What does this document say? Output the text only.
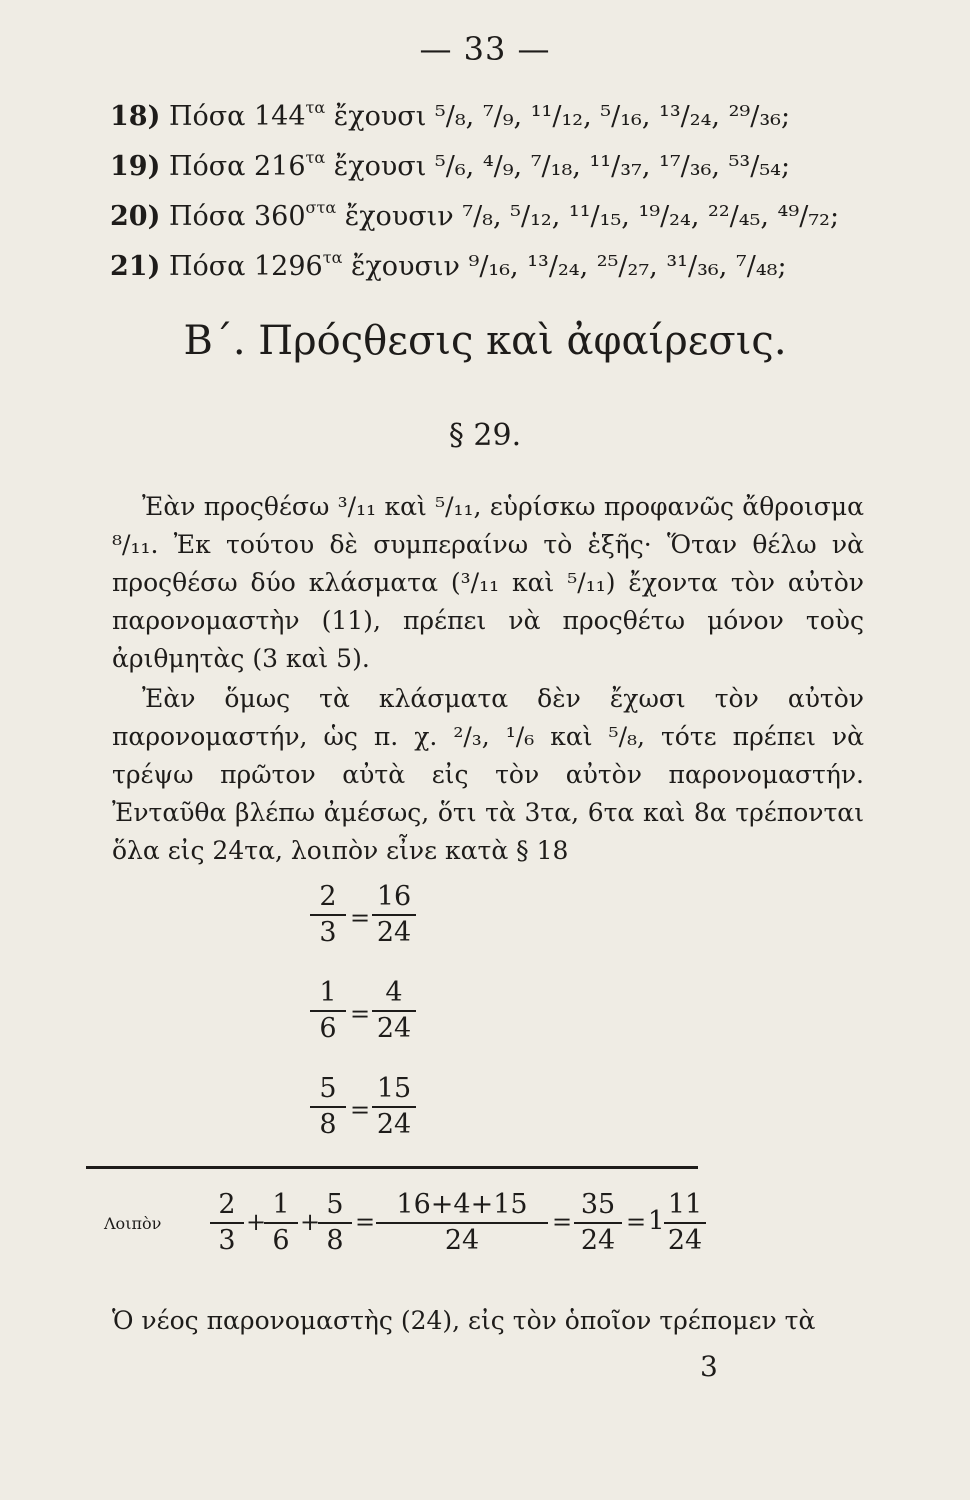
— 33 —
18) Πόσα $144^{\tau\alpha}$ ἔχουσι ⁵/₈, ⁷/₉, ¹¹/₁₂, ⁵/₁₆, ¹³/₂₄, ²⁹/₃₆;
19) Πόσα $216^{\tau\alpha}$ ἔχουσι ⁵/₆, ⁴/₉, ⁷/₁₈, ¹¹/₃₇, ¹⁷/₃₆, ⁵³/₅₄;
20) Πόσα $360^{\sigma\tau\alpha}$ ἔχουσιν ⁷/₈, ⁵/₁₂, ¹¹/₁₅, ¹⁹/₂₄, ²²/₄₅, ⁴⁹/₇₂;
21) Πόσα $1296^{\tau\alpha}$ ἔχουσιν ⁹/₁₆, ¹³/₂₄, ²⁵/₂₇, ³¹/₃₆, ⁷/₄₈;
Β΄. Πρόςθεσις καὶ ἀφαίρεσις.
§ 29.
Ἐὰν προςθέσω ³/₁₁ καὶ ⁵/₁₁, εὑρίσκω προφανῶς ἄθροισμα ⁸/₁₁. Ἐκ τούτου δὲ συμπεραίνω τὸ ἑξῆς· Ὅταν θέλω νὰ προςθέσω δύο κλάσματα (³/₁₁ καὶ ⁵/₁₁) ἔχοντα τὸν αὐτὸν παρονομαστὴν (11), πρέπει νὰ προςθέτω μόνον τοὺς ἀριθμητὰς (3 καὶ 5).
Ἐὰν ὅμως τὰ κλάσματα δὲν ἔχωσι τὸν αὐτὸν παρονομαστήν, ὡς π. χ. ²/₃, ¹/₆ καὶ ⁵/₈, τότε πρέπει νὰ τρέψω πρῶτον αὐτὰ εἰς τὸν αὐτὸν παρονομαστήν. Ἐνταῦθα βλέπω ἀμέσως, ὅτι τὰ 3τα, 6τα καὶ 8α τρέπονται ὅλα εἰς 24τα, λοιπὸν εἶνε κατὰ § 18
2
3 =
16
24
1
6 =
4
24
5
8 =
15
24
Λοιπὸν
2
3
+
1
6
+
5
8
=
16+4+15
24
=
35
24
= 1
11
24
Ὁ νέος παρονομαστὴς (24), εἰς τὸν ὁποῖον τρέπομεν τὰ
3
